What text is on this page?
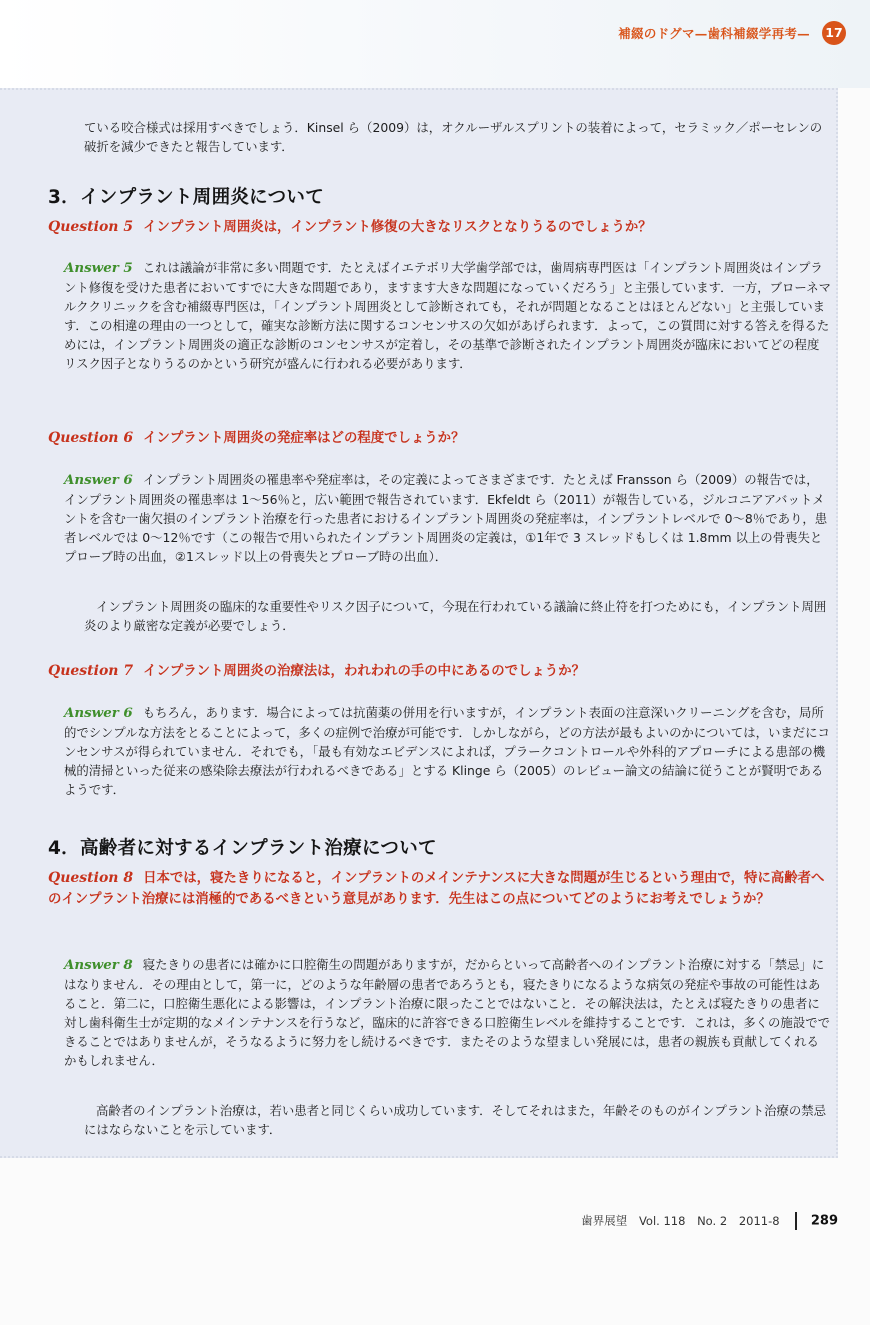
補綴のドグマ—歯科補綴学再考— 17

ている咬合様式は採用すべきでしょう．Kinsel ら（2009）は，オクルーザルスプリントの装着によって，セラミック／ポーセレンの破折を減少できたと報告しています．

3．インプラント周囲炎について
Question 5 インプラント周囲炎は，インプラント修復の大きなリスクとなりうるのでしょうか？

Answer 5 これは議論が非常に多い問題です．たとえばイエテボリ大学歯学部では，歯周病専門医は「インプラント周囲炎はインプラント修復を受けた患者においてすでに大きな問題であり，ますます大きな問題になっていくだろう」と主張しています．一方，ブローネマルククリニックを含む補綴専門医は，「インプラント周囲炎として診断されても，それが問題となることはほとんどない」と主張しています．この相違の理由の一つとして，確実な診断方法に関するコンセンサスの欠如があげられます．よって，この質問に対する答えを得るためには，インプラント周囲炎の適正な診断のコンセンサスが定着し，その基準で診断されたインプラント周囲炎が臨床においてどの程度リスク因子となりうるのかという研究が盛んに行われる必要があります．

Question 6 インプラント周囲炎の発症率はどの程度でしょうか？

Answer 6 インプラント周囲炎の罹患率や発症率は，その定義によってさまざまです．たとえば Fransson ら（2009）の報告では，インプラント周囲炎の罹患率は 1～56％と，広い範囲で報告されています．Ekfeldt ら（2011）が報告している，ジルコニアアバットメントを含む一歯欠損のインプラント治療を行った患者におけるインプラント周囲炎の発症率は，インプラントレベルで 0～8％であり，患者レベルでは 0～12％です（この報告で用いられたインプラント周囲炎の定義は，①1年で 3 スレッドもしくは 1.8mm 以上の骨喪失とプローブ時の出血，②1スレッド以上の骨喪失とプローブ時の出血）．

インプラント周囲炎の臨床的な重要性やリスク因子について，今現在行われている議論に終止符を打つためにも，インプラント周囲炎のより厳密な定義が必要でしょう．

Question 7 インプラント周囲炎の治療法は，われわれの手の中にあるのでしょうか？

Answer 6 もちろん，あります．場合によっては抗菌薬の併用を行いますが，インプラント表面の注意深いクリーニングを含む，局所的でシンプルな方法をとることによって，多くの症例で治療が可能です．しかしながら，どの方法が最もよいのかについては，いまだにコンセンサスが得られていません．それでも，「最も有効なエビデンスによれば，プラークコントロールや外科的アプローチによる患部の機械的清掃といった従来の感染除去療法が行われるべきである」とする Klinge ら（2005）のレビュー論文の結論に従うことが賢明であるようです．

4．高齢者に対するインプラント治療について
Question 8 日本では，寝たきりになると，インプラントのメインテナンスに大きな問題が生じるという理由で，特に高齢者へのインプラント治療には消極的であるべきという意見があります．先生はこの点についてどのようにお考えでしょうか？

Answer 8 寝たきりの患者には確かに口腔衛生の問題がありますが，だからといって高齢者へのインプラント治療に対する「禁忌」にはなりません．その理由として，第一に，どのような年齢層の患者であろうとも，寝たきりになるような病気の発症や事故の可能性はあること．第二に，口腔衛生悪化による影響は，インプラント治療に限ったことではないこと．その解決法は，たとえば寝たきりの患者に対し歯科衛生士が定期的なメインテナンスを行うなど，臨床的に許容できる口腔衛生レベルを維持することです．これは，多くの施設でできることではありませんが，そうなるように努力をし続けるべきです．またそのような望ましい発展には，患者の親族も貢献してくれるかもしれません．

高齢者のインプラント治療は，若い患者と同じくらい成功しています．そしてそれはまた，年齢そのものがインプラント治療の禁忌にはならないことを示しています．

歯界展望 Vol. 118 No. 2 2011-8 289
